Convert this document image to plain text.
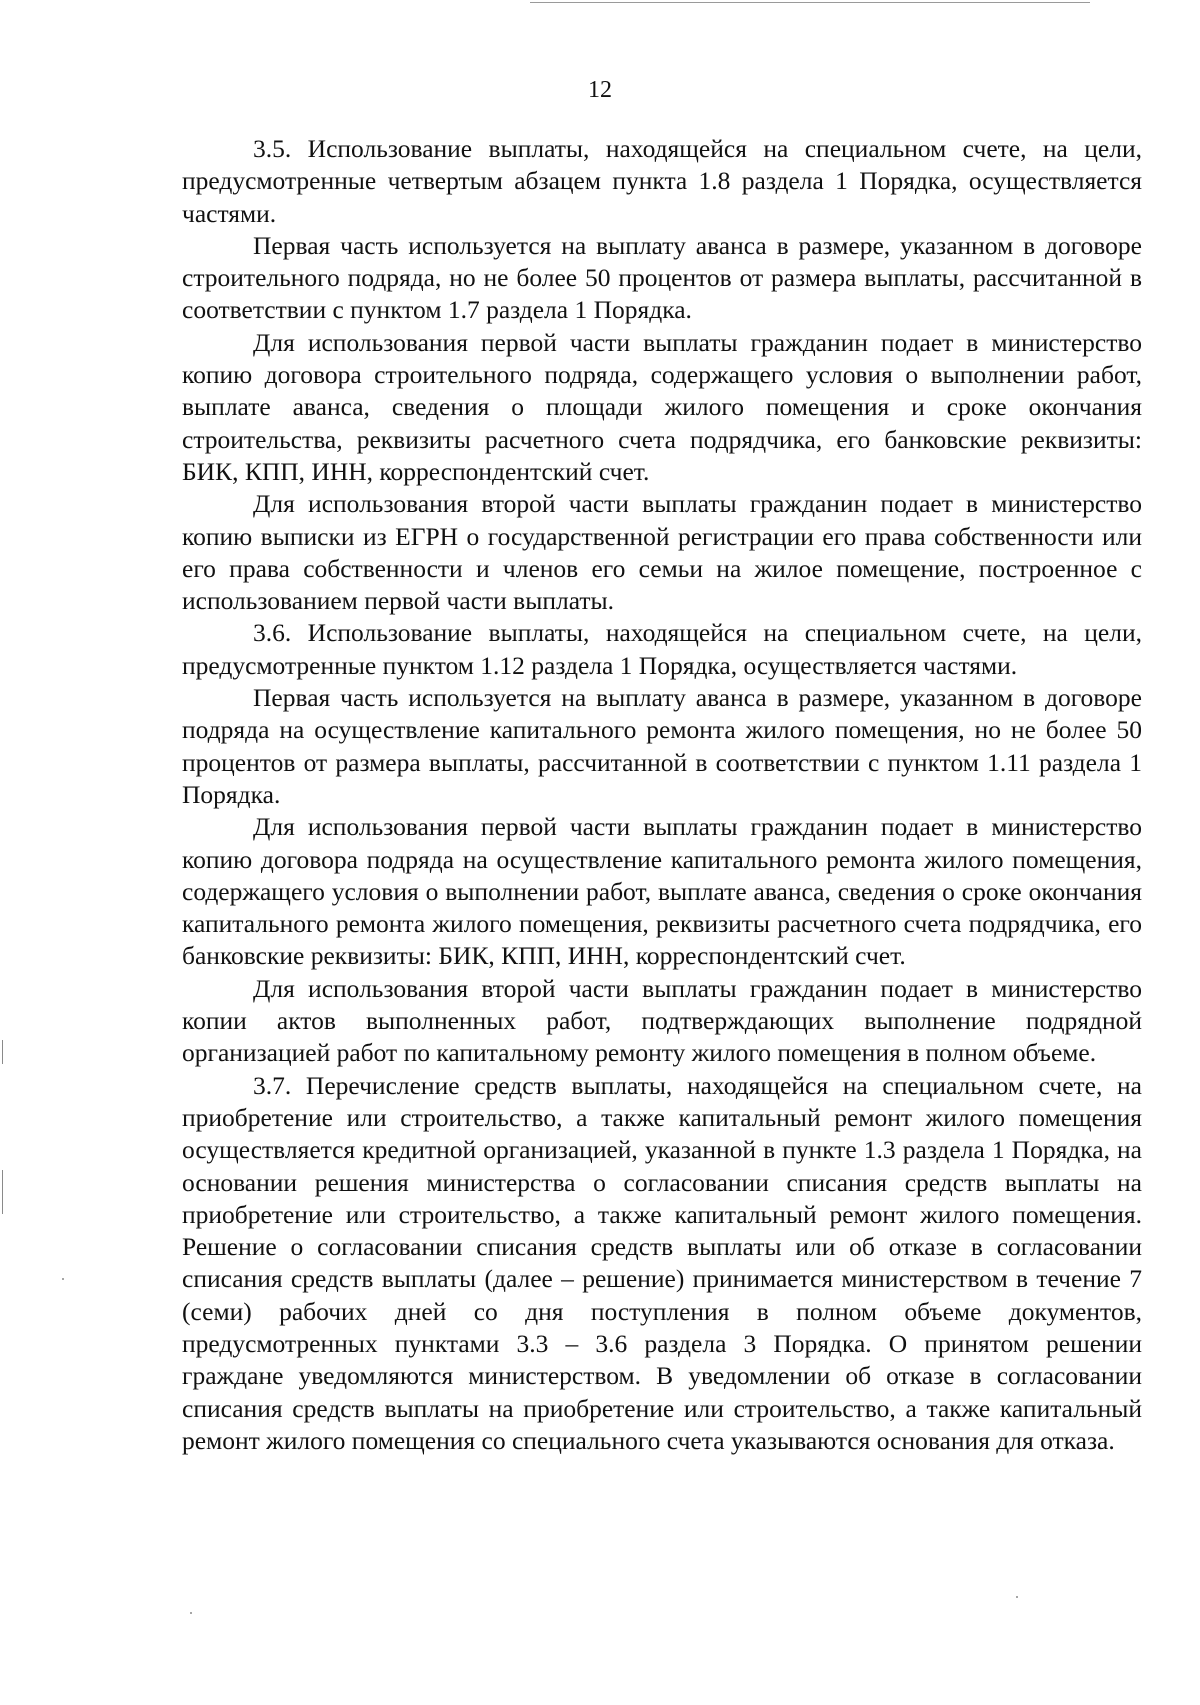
12

3.5. Использование выплаты, находящейся на специальном счете, на цели, предусмотренные четвертым абзацем пункта 1.8 раздела 1 Порядка, осуществляется частями.

Первая часть используется на выплату аванса в размере, указанном в договоре строительного подряда, но не более 50 процентов от размера выплаты, рассчитанной в соответствии с пунктом 1.7 раздела 1 Порядка.

Для использования первой части выплаты гражданин подает в министерство копию договора строительного подряда, содержащего условия о выполнении работ, выплате аванса, сведения о площади жилого помещения и сроке окончания строительства, реквизиты расчетного счета подрядчика, его банковские реквизиты: БИК, КПП, ИНН, корреспондентский счет.

Для использования второй части выплаты гражданин подает в министерство копию выписки из ЕГРН о государственной регистрации его права собственности или его права собственности и членов его семьи на жилое помещение, построенное с использованием первой части выплаты.

3.6. Использование выплаты, находящейся на специальном счете, на цели, предусмотренные пунктом 1.12 раздела 1 Порядка, осуществляется частями.

Первая часть используется на выплату аванса в размере, указанном в договоре подряда на осуществление капитального ремонта жилого помещения, но не более 50 процентов от размера выплаты, рассчитанной в соответствии с пунктом 1.11 раздела 1 Порядка.

Для использования первой части выплаты гражданин подает в министерство копию договора подряда на осуществление капитального ремонта жилого помещения, содержащего условия о выполнении работ, выплате аванса, сведения о сроке окончания капитального ремонта жилого помещения, реквизиты расчетного счета подрядчика, его банковские реквизиты: БИК, КПП, ИНН, корреспондентский счет.

Для использования второй части выплаты гражданин подает в министерство копии актов выполненных работ, подтверждающих выполнение подрядной организацией работ по капитальному ремонту жилого помещения в полном объеме.

3.7. Перечисление средств выплаты, находящейся на специальном счете, на приобретение или строительство, а также капитальный ремонт жилого помещения осуществляется кредитной организацией, указанной в пункте 1.3 раздела 1 Порядка, на основании решения министерства о согласовании списания средств выплаты на приобретение или строительство, а также капитальный ремонт жилого помещения. Решение о согласовании списания средств выплаты или об отказе в согласовании списания средств выплаты (далее – решение) принимается министерством в течение 7 (семи) рабочих дней со дня поступления в полном объеме документов, предусмотренных пунктами 3.3 – 3.6 раздела 3 Порядка. О принятом решении граждане уведомляются министерством. В уведомлении об отказе в согласовании списания средств выплаты на приобретение или строительство, а также капитальный ремонт жилого помещения со специального счета указываются основания для отказа.
